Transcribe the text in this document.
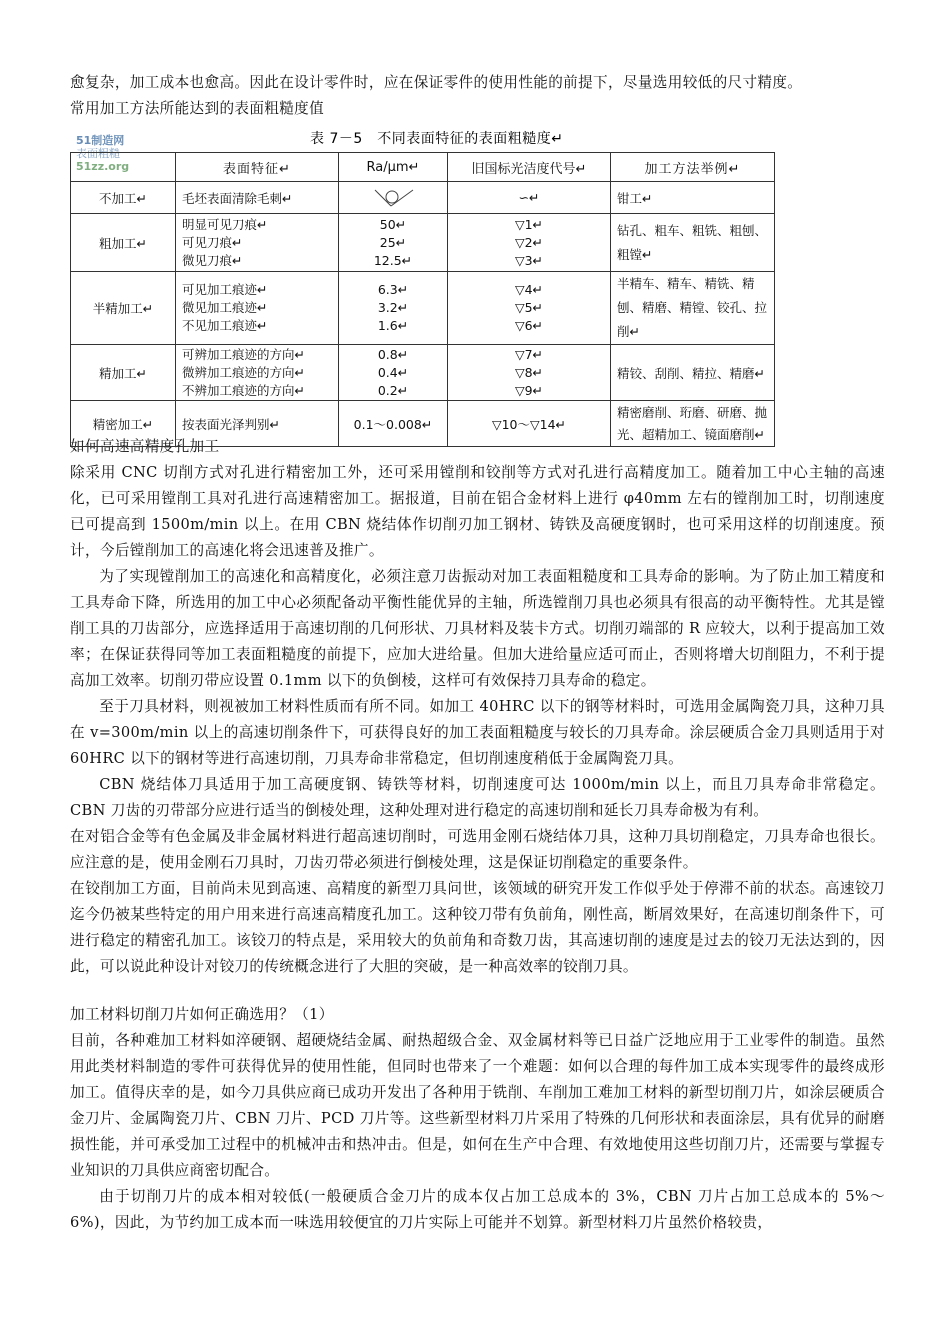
愈复杂，加工成本也愈高。因此在设计零件时，应在保证零件的使用性能的前提下，尽量选用较低的尺寸精度。
常用加工方法所能达到的表面粗糙度值
51制造网
表面粗糙
51zz.org
表 7－5　不同表面特征的表面粗糙度↵
	表面特征↵	Ra/μm↵	旧国标光洁度代号↵	加工方法举例↵
不加工↵	毛坯表面清除毛刺↵		∽↵	钳工↵
粗加工↵	明显可见刀痕↵
可见刀痕↵
微见刀痕↵	50↵
25↵
12.5↵	▽1↵
▽2↵
▽3↵	钻孔、粗车、粗铣、粗刨、粗镗↵
半精加工↵	可见加工痕迹↵
微见加工痕迹↵
不见加工痕迹↵	6.3↵
3.2↵
1.6↵	▽4↵
▽5↵
▽6↵	半精车、精车、精铣、精刨、精磨、精镗、铰孔、拉削↵
精加工↵	可辨加工痕迹的方向↵
微辨加工痕迹的方向↵
不辨加工痕迹的方向↵	0.8↵
0.4↵
0.2↵	▽7↵
▽8↵
▽9↵	精铰、刮削、精拉、精磨↵
精密加工↵	按表面光泽判别↵	0.1～0.008↵	▽10～▽14↵	精密磨削、珩磨、研磨、抛光、超精加工、镜面磨削↵
如何高速高精度孔加工

除采用 CNC 切削方式对孔进行精密加工外，还可采用镗削和铰削等方式对孔进行高精度加工。随着加工中心主轴的高速化，已可采用镗削工具对孔进行高速精密加工。据报道，目前在铝合金材料上进行 φ40mm 左右的镗削加工时，切削速度已可提高到 1500m/min 以上。在用 CBN 烧结体作切削刃加工钢材、铸铁及高硬度钢时，也可采用这样的切削速度。预计，今后镗削加工的高速化将会迅速普及推广。

为了实现镗削加工的高速化和高精度化，必须注意刀齿振动对加工表面粗糙度和工具寿命的影响。为了防止加工精度和工具寿命下降，所选用的加工中心必须配备动平衡性能优异的主轴，所选镗削刀具也必须具有很高的动平衡特性。尤其是镗削工具的刀齿部分，应选择适用于高速切削的几何形状、刀具材料及装卡方式。切削刃端部的 R 应较大，以利于提高加工效率；在保证获得同等加工表面粗糙度的前提下，应加大进给量。但加大进给量应适可而止，否则将增大切削阻力，不利于提高加工效率。切削刃带应设置 0.1mm 以下的负倒棱，这样可有效保持刀具寿命的稳定。

至于刀具材料，则视被加工材料性质而有所不同。如加工 40HRC 以下的钢等材料时，可选用金属陶瓷刀具，这种刀具在 v=300m/min 以上的高速切削条件下，可获得良好的加工表面粗糙度与较长的刀具寿命。涂层硬质合金刀具则适用于对 60HRC 以下的钢材等进行高速切削，刀具寿命非常稳定，但切削速度稍低于金属陶瓷刀具。

CBN 烧结体刀具适用于加工高硬度钢、铸铁等材料，切削速度可达 1000m/min 以上，而且刀具寿命非常稳定。CBN 刀齿的刃带部分应进行适当的倒棱处理，这种处理对进行稳定的高速切削和延长刀具寿命极为有利。

在对铝合金等有色金属及非金属材料进行超高速切削时，可选用金刚石烧结体刀具，这种刀具切削稳定，刀具寿命也很长。应注意的是，使用金刚石刀具时，刀齿刃带必须进行倒棱处理，这是保证切削稳定的重要条件。

在铰削加工方面，目前尚未见到高速、高精度的新型刀具问世，该领域的研究开发工作似乎处于停滞不前的状态。高速铰刀迄今仍被某些特定的用户用来进行高速高精度孔加工。这种铰刀带有负前角，刚性高，断屑效果好，在高速切削条件下，可进行稳定的精密孔加工。该铰刀的特点是，采用较大的负前角和奇数刀齿，其高速切削的速度是过去的铰刀无法达到的，因此，可以说此种设计对铰刀的传统概念进行了大胆的突破，是一种高效率的铰削刀具。

加工材料切削刀片如何正确选用？（1）

目前，各种难加工材料如淬硬钢、超硬烧结金属、耐热超级合金、双金属材料等已日益广泛地应用于工业零件的制造。虽然用此类材料制造的零件可获得优异的使用性能，但同时也带来了一个难题：如何以合理的每件加工成本实现零件的最终成形加工。值得庆幸的是，如今刀具供应商已成功开发出了各种用于铣削、车削加工难加工材料的新型切削刀片，如涂层硬质合金刀片、金属陶瓷刀片、CBN 刀片、PCD 刀片等。这些新型材料刀片采用了特殊的几何形状和表面涂层，具有优异的耐磨损性能，并可承受加工过程中的机械冲击和热冲击。但是，如何在生产中合理、有效地使用这些切削刀片，还需要与掌握专业知识的刀具供应商密切配合。

由于切削刀片的成本相对较低(一般硬质合金刀片的成本仅占加工总成本的 3%，CBN 刀片占加工总成本的 5%～6%)，因此，为节约加工成本而一味选用较便宜的刀片实际上可能并不划算。新型材料刀片虽然价格较贵，
